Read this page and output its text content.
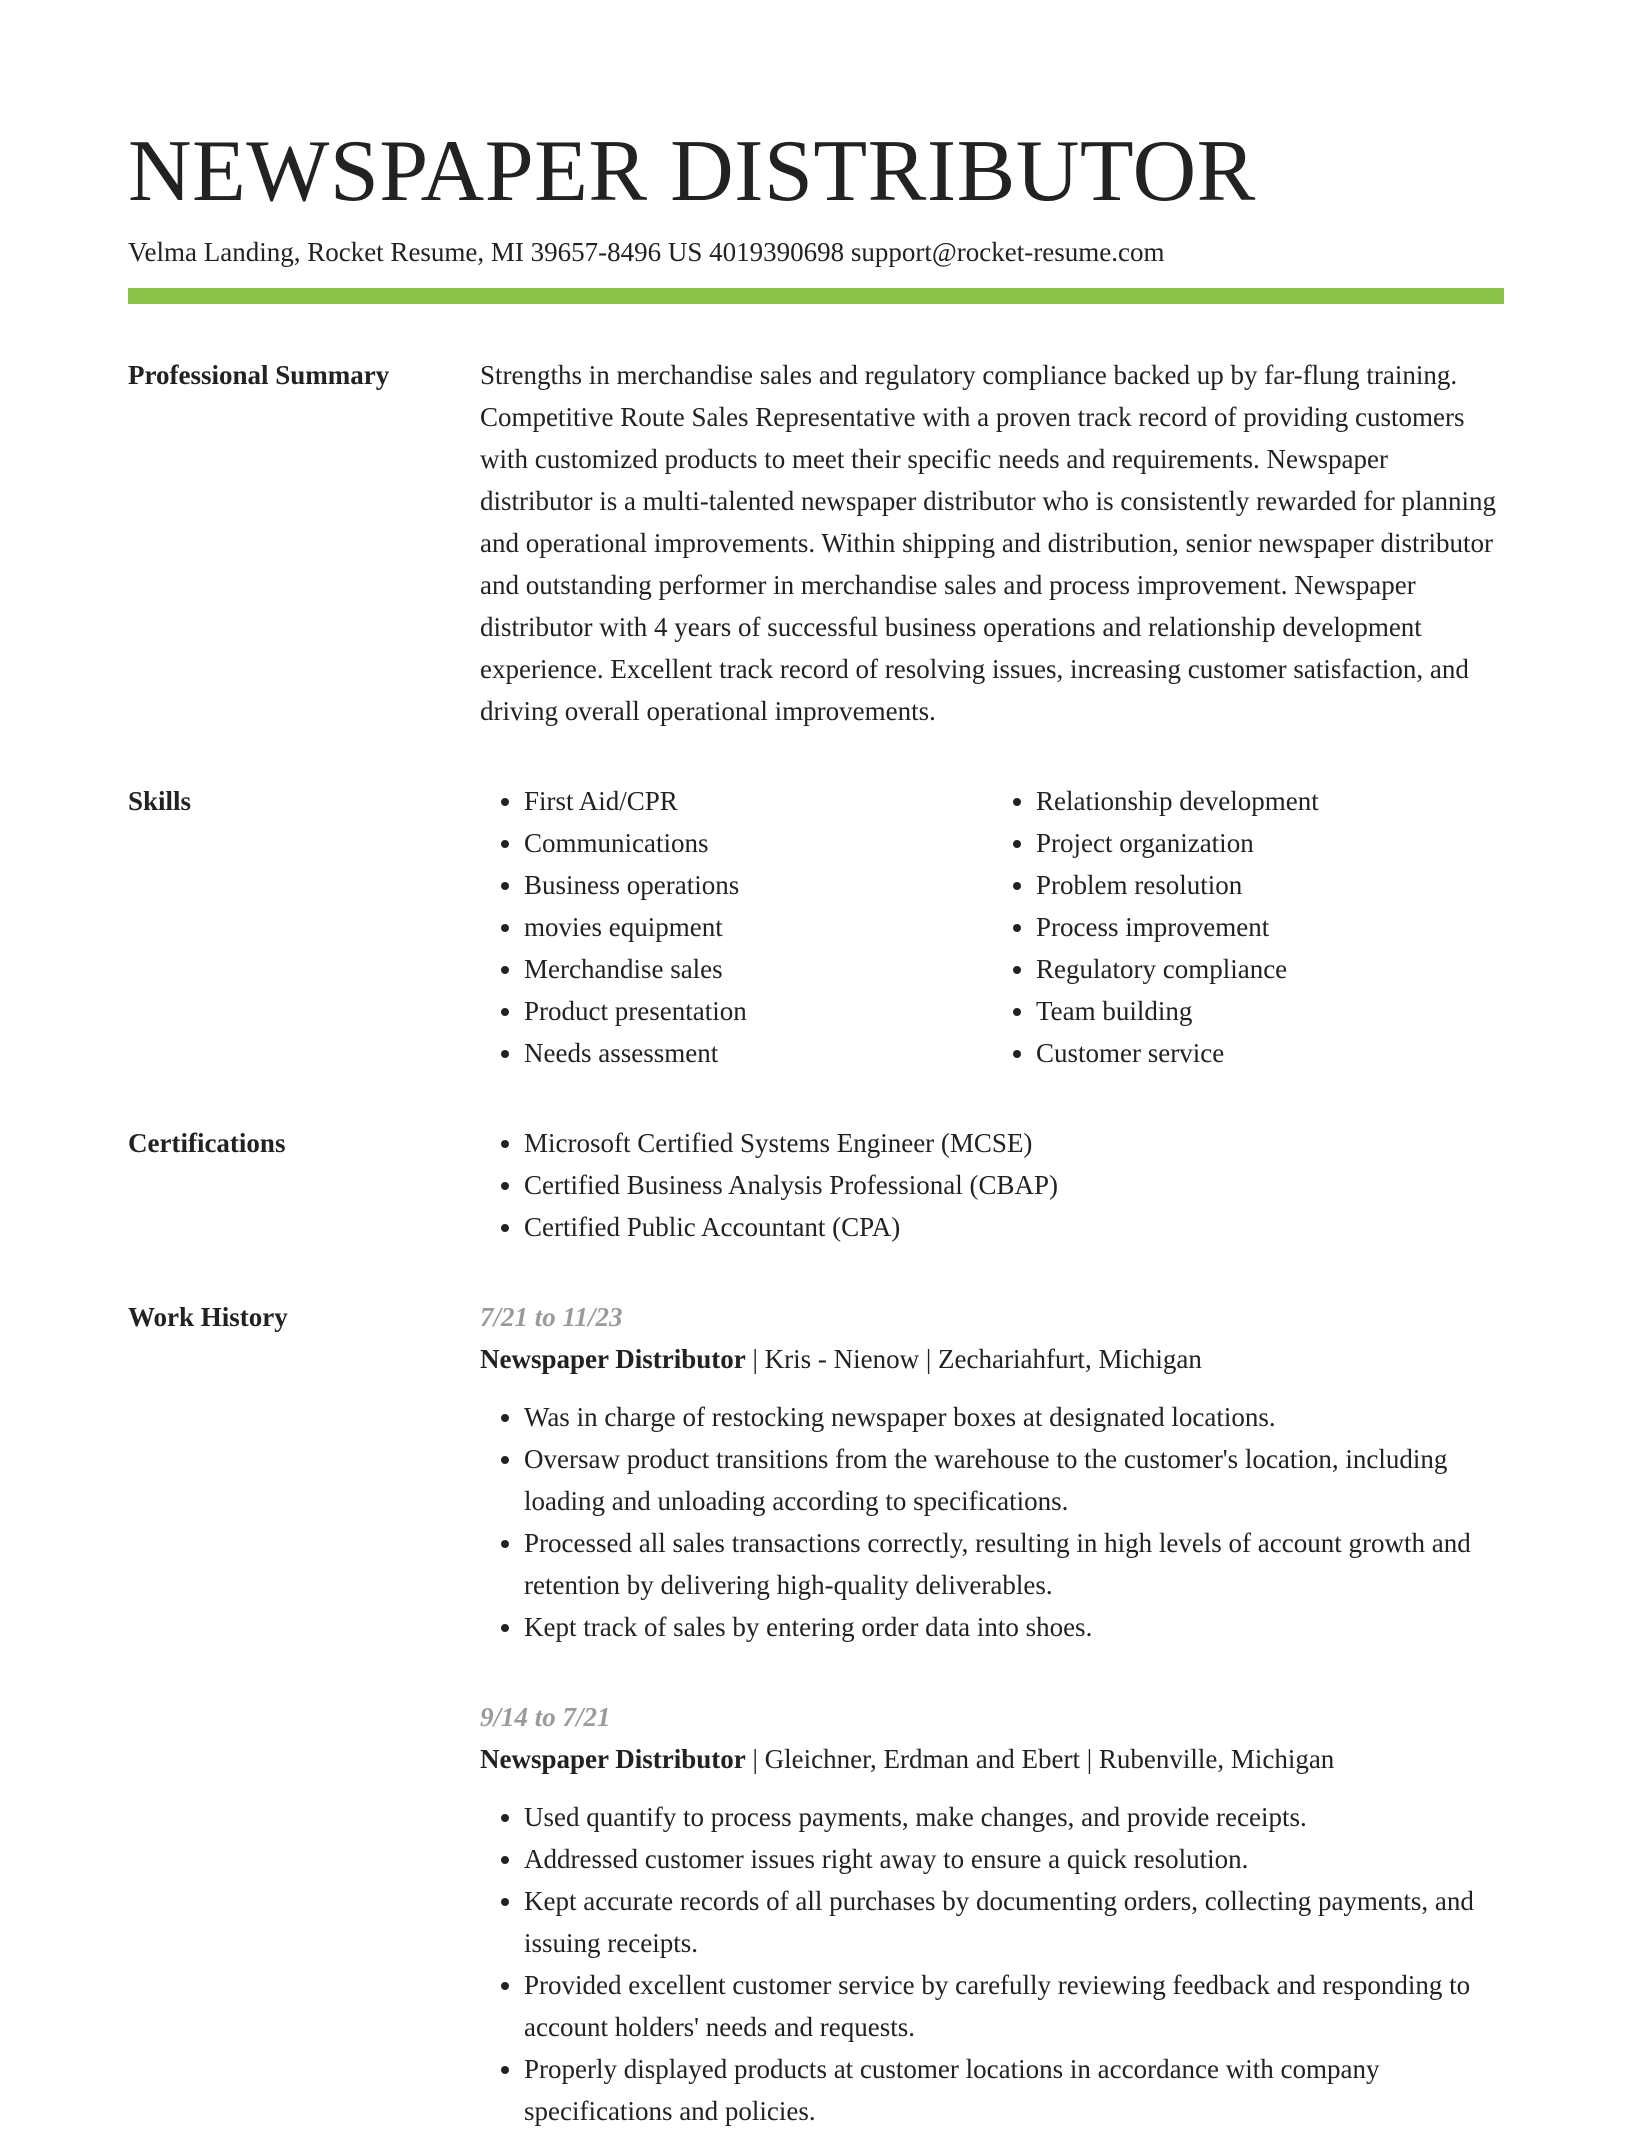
NEWSPAPER DISTRIBUTOR
Velma Landing, Rocket Resume, MI 39657-8496 US 4019390698 support@rocket-resume.com
Professional Summary	Strengths in merchandise sales and regulatory compliance backed up by far-flung training. Competitive Route Sales Representative with a proven track record of providing customers with customized products to meet their specific needs and requirements. Newspaper distributor is a multi-talented newspaper distributor who is consistently rewarded for planning and operational improvements. Within shipping and distribution, senior newspaper distributor and outstanding performer in merchandise sales and process improvement. Newspaper distributor with 4 years of successful business operations and relationship development experience. Excellent track record of resolving issues, increasing customer satisfaction, and driving overall operational improvements.

Skills	• First Aid/CPR
• Communications
• Business operations
• movies equipment
• Merchandise sales
• Product presentation
• Needs assessment
• Relationship development
• Project organization
• Problem resolution
• Process improvement
• Regulatory compliance
• Team building
• Customer service
Certifications	• Microsoft Certified Systems Engineer (MCSE)
• Certified Business Analysis Professional (CBAP)
• Certified Public Accountant (CPA)
Work History	7/21 to 11/23
Newspaper Distributor | Kris - Nienow | Zechariahfurt, Michigan
• Was in charge of restocking newspaper boxes at designated locations.
• Oversaw product transitions from the warehouse to the customer's location, including loading and unloading according to specifications.
• Processed all sales transactions correctly, resulting in high levels of account growth and retention by delivering high-quality deliverables.
• Kept track of sales by entering order data into shoes.
9/14 to 7/21
Newspaper Distributor | Gleichner, Erdman and Ebert | Rubenville, Michigan
• Used quantify to process payments, make changes, and provide receipts.
• Addressed customer issues right away to ensure a quick resolution.
• Kept accurate records of all purchases by documenting orders, collecting payments, and issuing receipts.
• Provided excellent customer service by carefully reviewing feedback and responding to account holders' needs and requests.
• Properly displayed products at customer locations in accordance with company specifications and policies.
